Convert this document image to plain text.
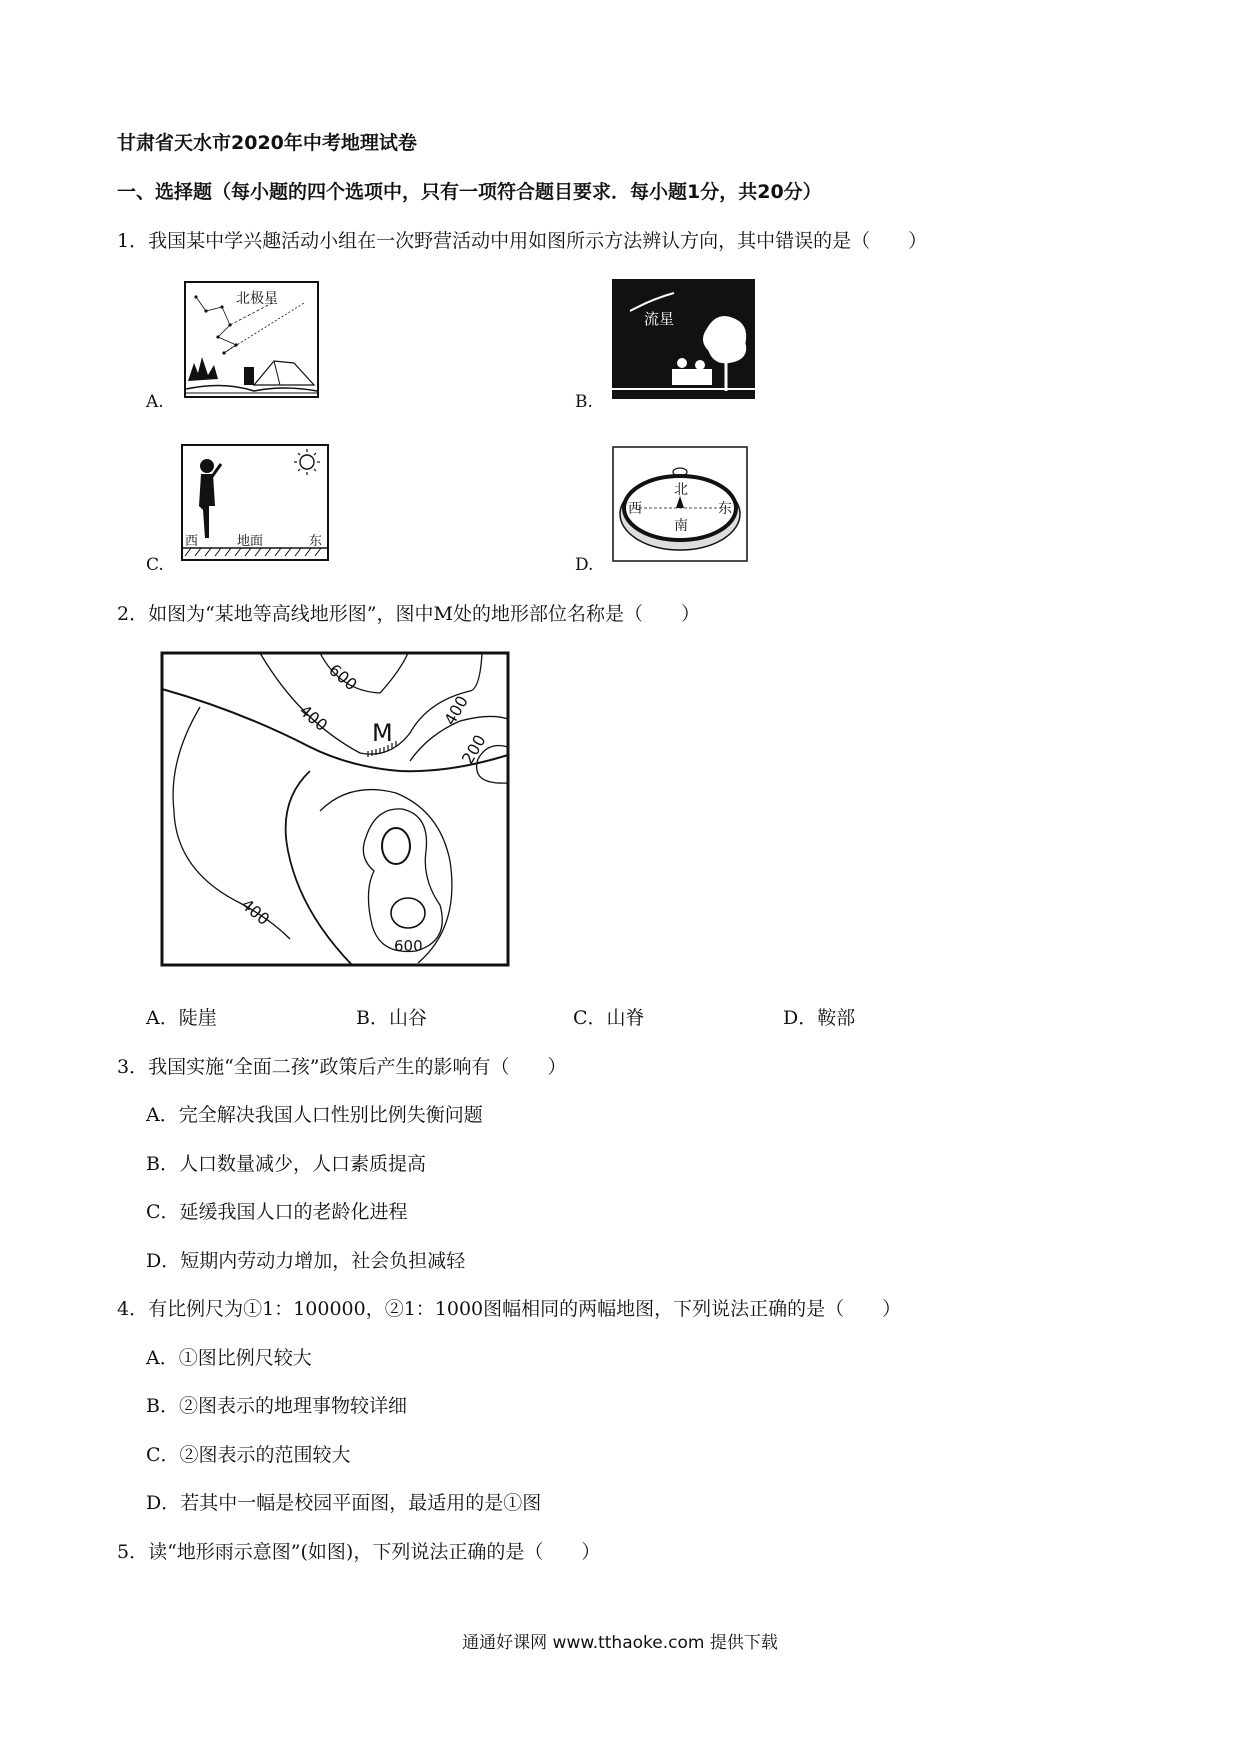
甘肃省天水市2020年中考地理试卷
一、选择题（每小题的四个选项中，只有一项符合题目要求．每小题1分，共20分）
1．我国某中学兴趣活动小组在一次野营活动中用如图所示方法辨认方向，其中错误的是（　　）
A.	B.
C.	D.
北极星
流星
西	地面	东
北
南
西	东
2．如图为“某地等高线地形图”，图中M处的地形部位名称是（　　）
M
600
400	400
200
400
600
A．陡崖	B．山谷	C．山脊	D．鞍部
3．我国实施“全面二孩”政策后产生的影响有（　　）
A．完全解决我国人口性别比例失衡问题
B．人口数量减少，人口素质提高
C．延缓我国人口的老龄化进程
D．短期内劳动力增加，社会负担减轻
4．有比例尺为①1：100000，②1：1000图幅相同的两幅地图，下列说法正确的是（　　）
A．①图比例尺较大
B．②图表示的地理事物较详细
C．②图表示的范围较大
D．若其中一幅是校园平面图，最适用的是①图
5．读“地形雨示意图”(如图)，下列说法正确的是（　　）
通通好课网 www.tthaoke.com 提供下载
